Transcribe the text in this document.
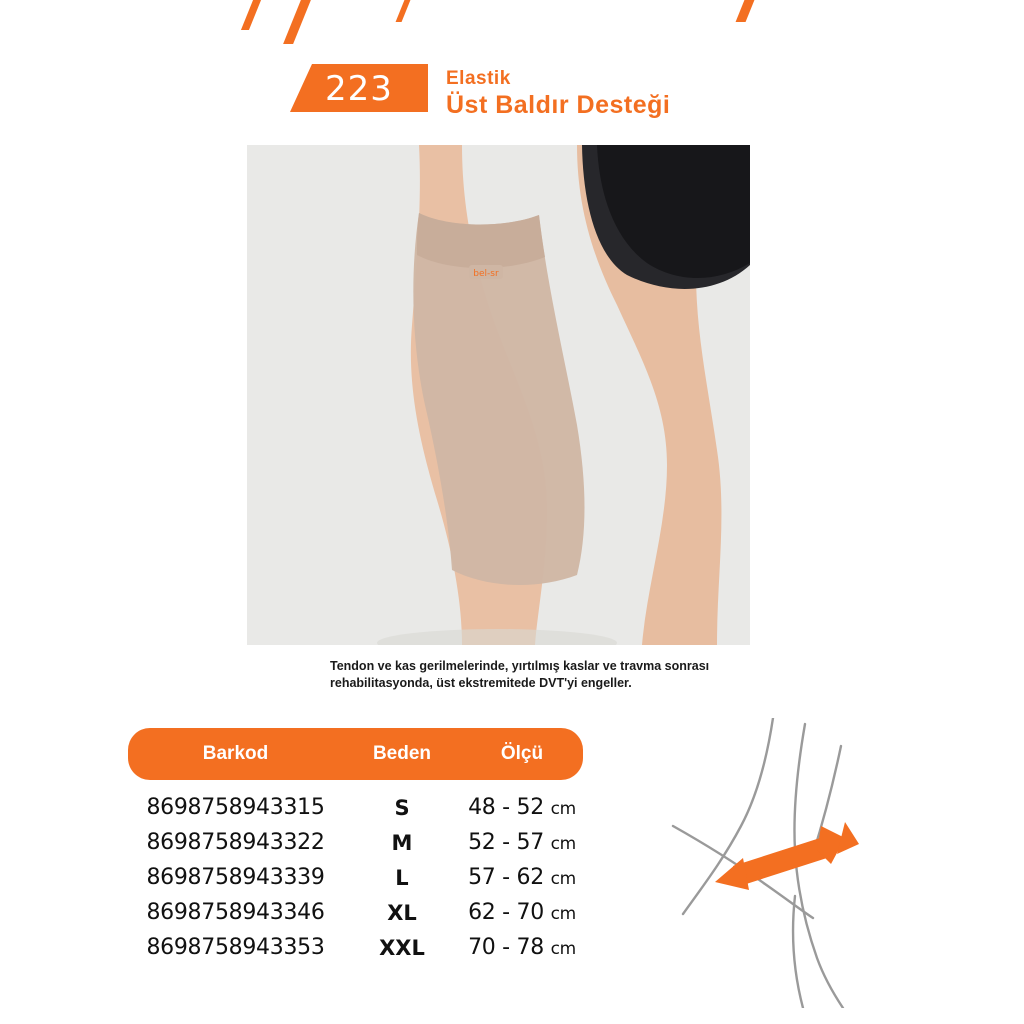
223	Elastik
Üst Baldır Desteği
bel-sr
Tendon ve kas gerilmelerinde, yırtılmış kaslar ve travma sonrası
rehabilitasyonda, üst ekstremitede DVT'yi engeller.
Barkod	Beden	Ölçü
8698758943315	S	48 - 52 cm
8698758943322	M	52 - 57 cm
8698758943339	L	57 - 62 cm
8698758943346	XL	62 - 70 cm
8698758943353	XXL	70 - 78 cm
